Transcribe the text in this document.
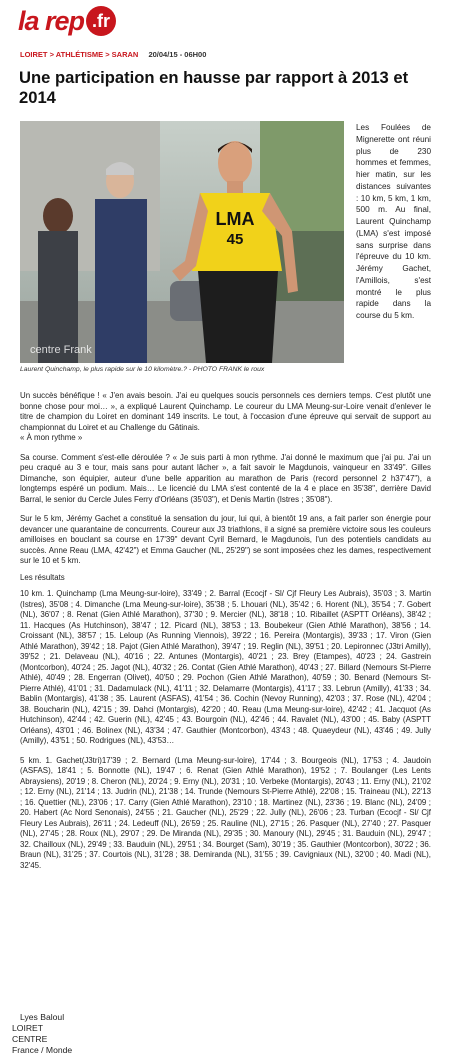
la rep .fr
LOIRET > ATHLÉTISME > SARAN 20/04/15 - 06H00
Une participation en hausse par rapport à 2013 et 2014
LMA
45
centre Frank
Laurent Quinchamp, le plus rapide sur le 10 kilomètre.? - PHOTO FRANK le roux
Les Foulées de Mignerette ont réuni plus de 230 hommes et femmes, hier matin, sur les distances suivantes : 10 km, 5 km, 1 km, 500 m. Au final, Laurent Quinchamp (LMA) s'est imposé sans surprise dans l'épreuve du 10 km. Jérémy Gachet, l'Amillois, s'est montré le plus rapide dans la course du 5 km.

Un succès bénéfique ! « J'en avais besoin. J'ai eu quelques soucis personnels ces derniers temps. C'est plutôt une bonne chose pour moi… », a expliqué Laurent Quinchamp. Le coureur du LMA Meung-sur-Loire venait d'enlever le titre de champion du Loiret en dominant 149 inscrits. Le tout, à l'occasion d'une épreuve qui servait de support au championnat du Loiret et au Challenge du Gâtinais.

« À mon rythme »

Sa course. Comment s'est-elle déroulée ? « Je suis parti à mon rythme. J'ai donné le maximum que j'ai pu. J'ai un peu craqué au 3 e tour, mais sans pour autant lâcher », a fait savoir le Magdunois, vainqueur en 33'49". Gilles Dimanche, son équipier, auteur d'une belle apparition au marathon de Paris (record personnel 2 h37'47"), a longtemps espéré un podium. Mais… Le licencié du LMA s'est contenté de la 4 e place en 35'38", derrière David Barral, le senior du Cercle Jules Ferry d'Orléans (35'03"), et Denis Martin (Istres ; 35'08").

Sur le 5 km, Jérémy Gachet a constitué la sensation du jour, lui qui, à bientôt 19 ans, a fait parler son énergie pour devancer une quarantaine de concurrents. Coureur aux J3 triathlons, il a signé sa première victoire sous les couleurs amilloises en bouclant sa course en 17'39" devant Cyril Bernard, le Magdunois, l'un des potentiels candidats au succès. Anne Reau (LMA, 42'42") et Emma Gaucher (NL, 25'29") se sont imposées chez les dames, respectivement sur le 10 et 5 km.

Les résultats

10 km. 1. Quinchamp (Lma Meung-sur-loire), 33'49 ; 2. Barral (Ecocjf - Sl/ Cjf Fleury Les Aubrais), 35'03 ; 3. Martin (Istres), 35'08 ; 4. Dimanche (Lma Meung-sur-loire), 35'38 ; 5. Lhouari (NL), 35'42 ; 6. Horent (NL), 35'54 ; 7. Gobert (NL), 36'07 ; 8. Renat (Gien Athlé Marathon), 37'30 ; 9. Mercier (NL), 38'18 ; 10. Ribaillet (ASPTT Orléans), 38'42 ; 11. Hacques (As Hutchinson), 38'47 ; 12. Picard (NL), 38'53 ; 13. Boubekeur (Gien Athlé Marathon), 38'56 ; 14. Croissant (NL), 38'57 ; 15. Leloup (As Running Viennois), 39'22 ; 16. Pereira (Montargis), 39'33 ; 17. Viron (Gien Athlé Marathon), 39'42 ; 18. Pajot (Gien Athlé Marathon), 39'47 ; 19. Reglin (NL), 39'51 ; 20. Lepironnec (J3tri Amilly), 39'52 ; 21. Delaveau (NL), 40'16 ; 22. Antunes (Montargis), 40'21 ; 23. Brey (Etampes), 40'23 ; 24. Gastrein (Montcorbon), 40'24 ; 25. Jagot (NL), 40'32 ; 26. Contat (Gien Athlé Marathon), 40'43 ; 27. Billard (Nemours St-Pierre Athlé), 40'49 ; 28. Engerran (Olivet), 40'50 ; 29. Pochon (Gien Athlé Marathon), 40'59 ; 30. Benard (Nemours St-Pierre Athlé), 41'01 ; 31. Dadamulack (NL), 41'11 ; 32. Delamarre (Montargis), 41'17 ; 33. Lebrun (Amilly), 41'33 ; 34. Bablin (Montargis), 41'38 ; 35. Laurent (ASFAS), 41'54 ; 36. Cochin (Nevoy Running), 42'03 ; 37. Rose (NL), 42'04 ; 38. Boucharin (NL), 42'15 ; 39. Dahci (Montargis), 42'20 ; 40. Reau (Lma Meung-sur-loire), 42'42 ; 41. Jacquot (As Hutchinson), 42'44 ; 42. Guerin (NL), 42'45 ; 43. Bourgoin (NL), 42'46 ; 44. Ravalet (NL), 43'00 ; 45. Baby (ASPTT Orléans), 43'01 ; 46. Bolinex (NL), 43'34 ; 47. Gauthier (Montcorbon), 43'43 ; 48. Quaeydeur (NL), 43'46 ; 49. Jully (Amilly), 43'51 ; 50. Rodrigues (NL), 43'53…

5 km. 1. Gachet(J3tri)17'39 ; 2. Bernard (Lma Meung-sur-loire), 17'44 ; 3. Bourgeois (NL), 17'53 ; 4. Jaudoin (ASFAS), 18'41 ; 5. Bonnotte (NL), 19'47 ; 6. Renat (Gien Athlé Marathon), 19'52 ; 7. Boulanger (Les Lents Abraysiens), 20'19 ; 8. Cheron (NL), 20'24 ; 9. Erny (NL), 20'31 ; 10. Verbeke (Montargis), 20'43 ; 11. Erny (NL), 21'02 ; 12. Erny (NL), 21'14 ; 13. Judrin (NL), 21'38 ; 14. Trunde (Nemours St-Pierre Athlé), 22'08 ; 15. Traineau (NL), 22'13 ; 16. Quettier (NL), 23'06 ; 17. Carry (Gien Athlé Marathon), 23'10 ; 18. Martinez (NL), 23'36 ; 19. Blanc (NL), 24'09 ; 20. Habert (Ac Nord Senonais), 24'55 ; 21. Gaucher (NL), 25'29 ; 22. Jully (NL), 26'06 ; 23. Turban (Ecocjf - Sl/ Cjf Fleury Les Aubrais), 26'11 ; 24. Ledeuff (NL), 26'59 ; 25. Rauline (NL), 27'15 ; 26. Pasquer (NL), 27'40 ; 27. Pasquer (NL), 27'45 ; 28. Roux (NL), 29'07 ; 29. De Miranda (NL), 29'35 ; 30. Manoury (NL), 29'45 ; 31. Bauduin (NL), 29'47 ; 32. Chailloux (NL), 29'49 ; 33. Bauduin (NL), 29'51 ; 34. Bourget (Sam), 30'19 ; 35. Gauthier (Montcorbon), 30'22 ; 36. Braun (NL), 31'25 ; 37. Courtois (NL), 31'28 ; 38. Demiranda (NL), 31'55 ; 39. Cavigniaux (NL), 32'00 ; 40. Madi (NL), 32'45.

Lyes Baloul
LOIRET
CENTRE
France / Monde
